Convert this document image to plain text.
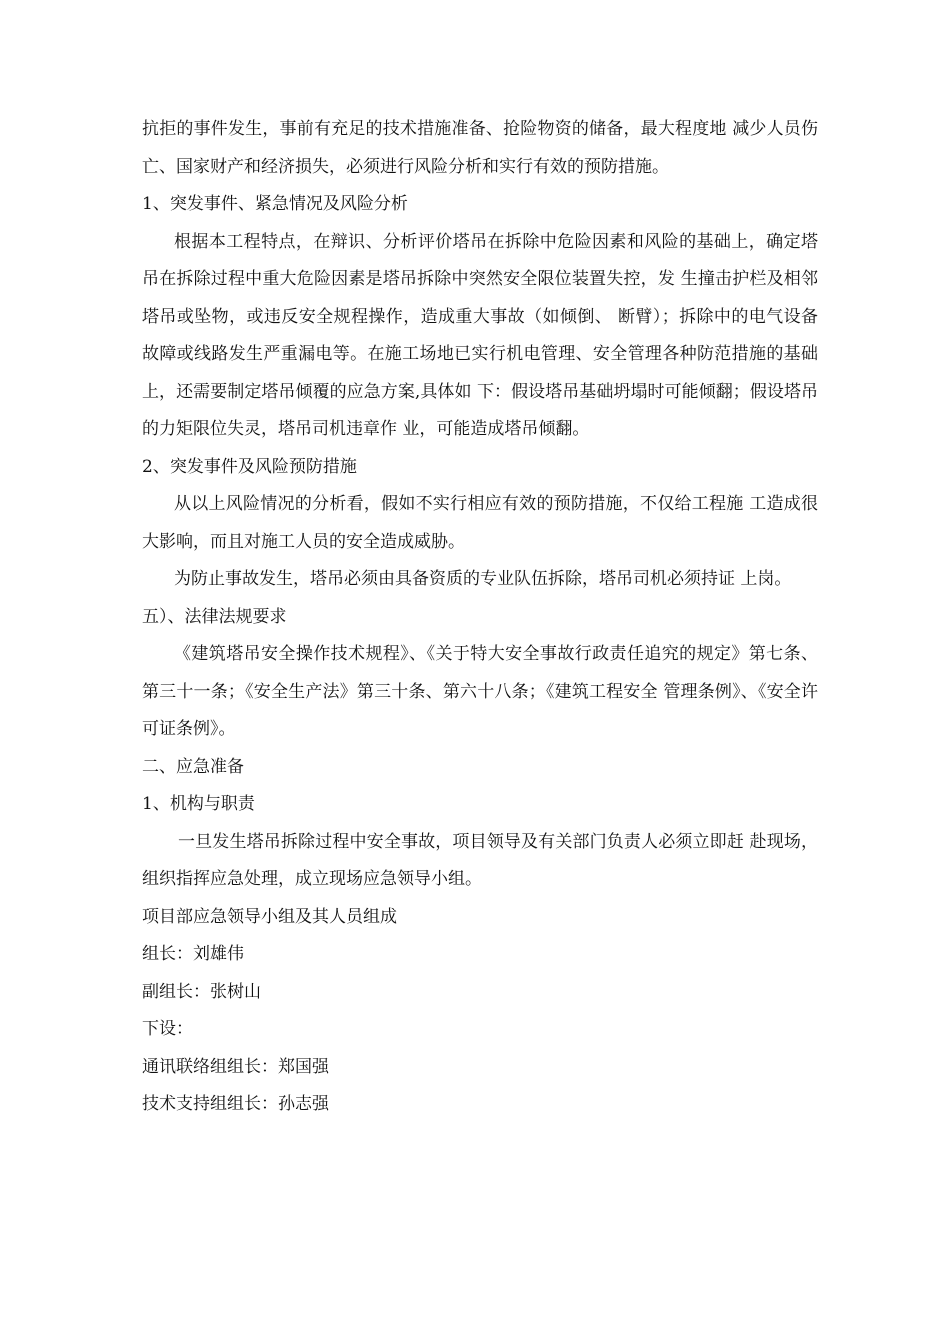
抗拒的事件发生，事前有充足的技术措施准备、抢险物资的储备，最大程度地 减少人员伤亡、国家财产和经济损失，必须进行风险分析和实行有效的预防措施。

1、突发事件、紧急情况及风险分析

根据本工程特点，在辩识、分析评价塔吊在拆除中危险因素和风险的基础上，确定塔吊在拆除过程中重大危险因素是塔吊拆除中突然安全限位装置失控，发 生撞击护栏及相邻塔吊或坠物，或违反安全规程操作，造成重大事故（如倾倒、 断臂）；拆除中的电气设备故障或线路发生严重漏电等。在施工场地已实行机电管理、安全管理各种防范措施的基础上，还需要制定塔吊倾覆的应急方案,具体如 下：假设塔吊基础坍塌时可能倾翻；假设塔吊的力矩限位失灵，塔吊司机违章作 业，可能造成塔吊倾翻。

2、突发事件及风险预防措施

从以上风险情况的分析看，假如不实行相应有效的预防措施，不仅给工程施 工造成很大影响，而且对施工人员的安全造成威胁。

为防止事故发生，塔吊必须由具备资质的专业队伍拆除，塔吊司机必须持证 上岗。

五）、法律法规要求

《建筑塔吊安全操作技术规程》、《关于特大安全事故行政责任追究的规定》第七条、第三十一条；《安全生产法》第三十条、第六十八条；《建筑工程安全 管理条例》、《安全许可证条例》。

二、应急准备

1、机构与职责

一旦发生塔吊拆除过程中安全事故，项目领导及有关部门负责人必须立即赶 赴现场，组织指挥应急处理，成立现场应急领导小组。

项目部应急领导小组及其人员组成

组长：刘雄伟

副组长：张树山

下设：

通讯联络组组长：郑国强

技术支持组组长：孙志强
